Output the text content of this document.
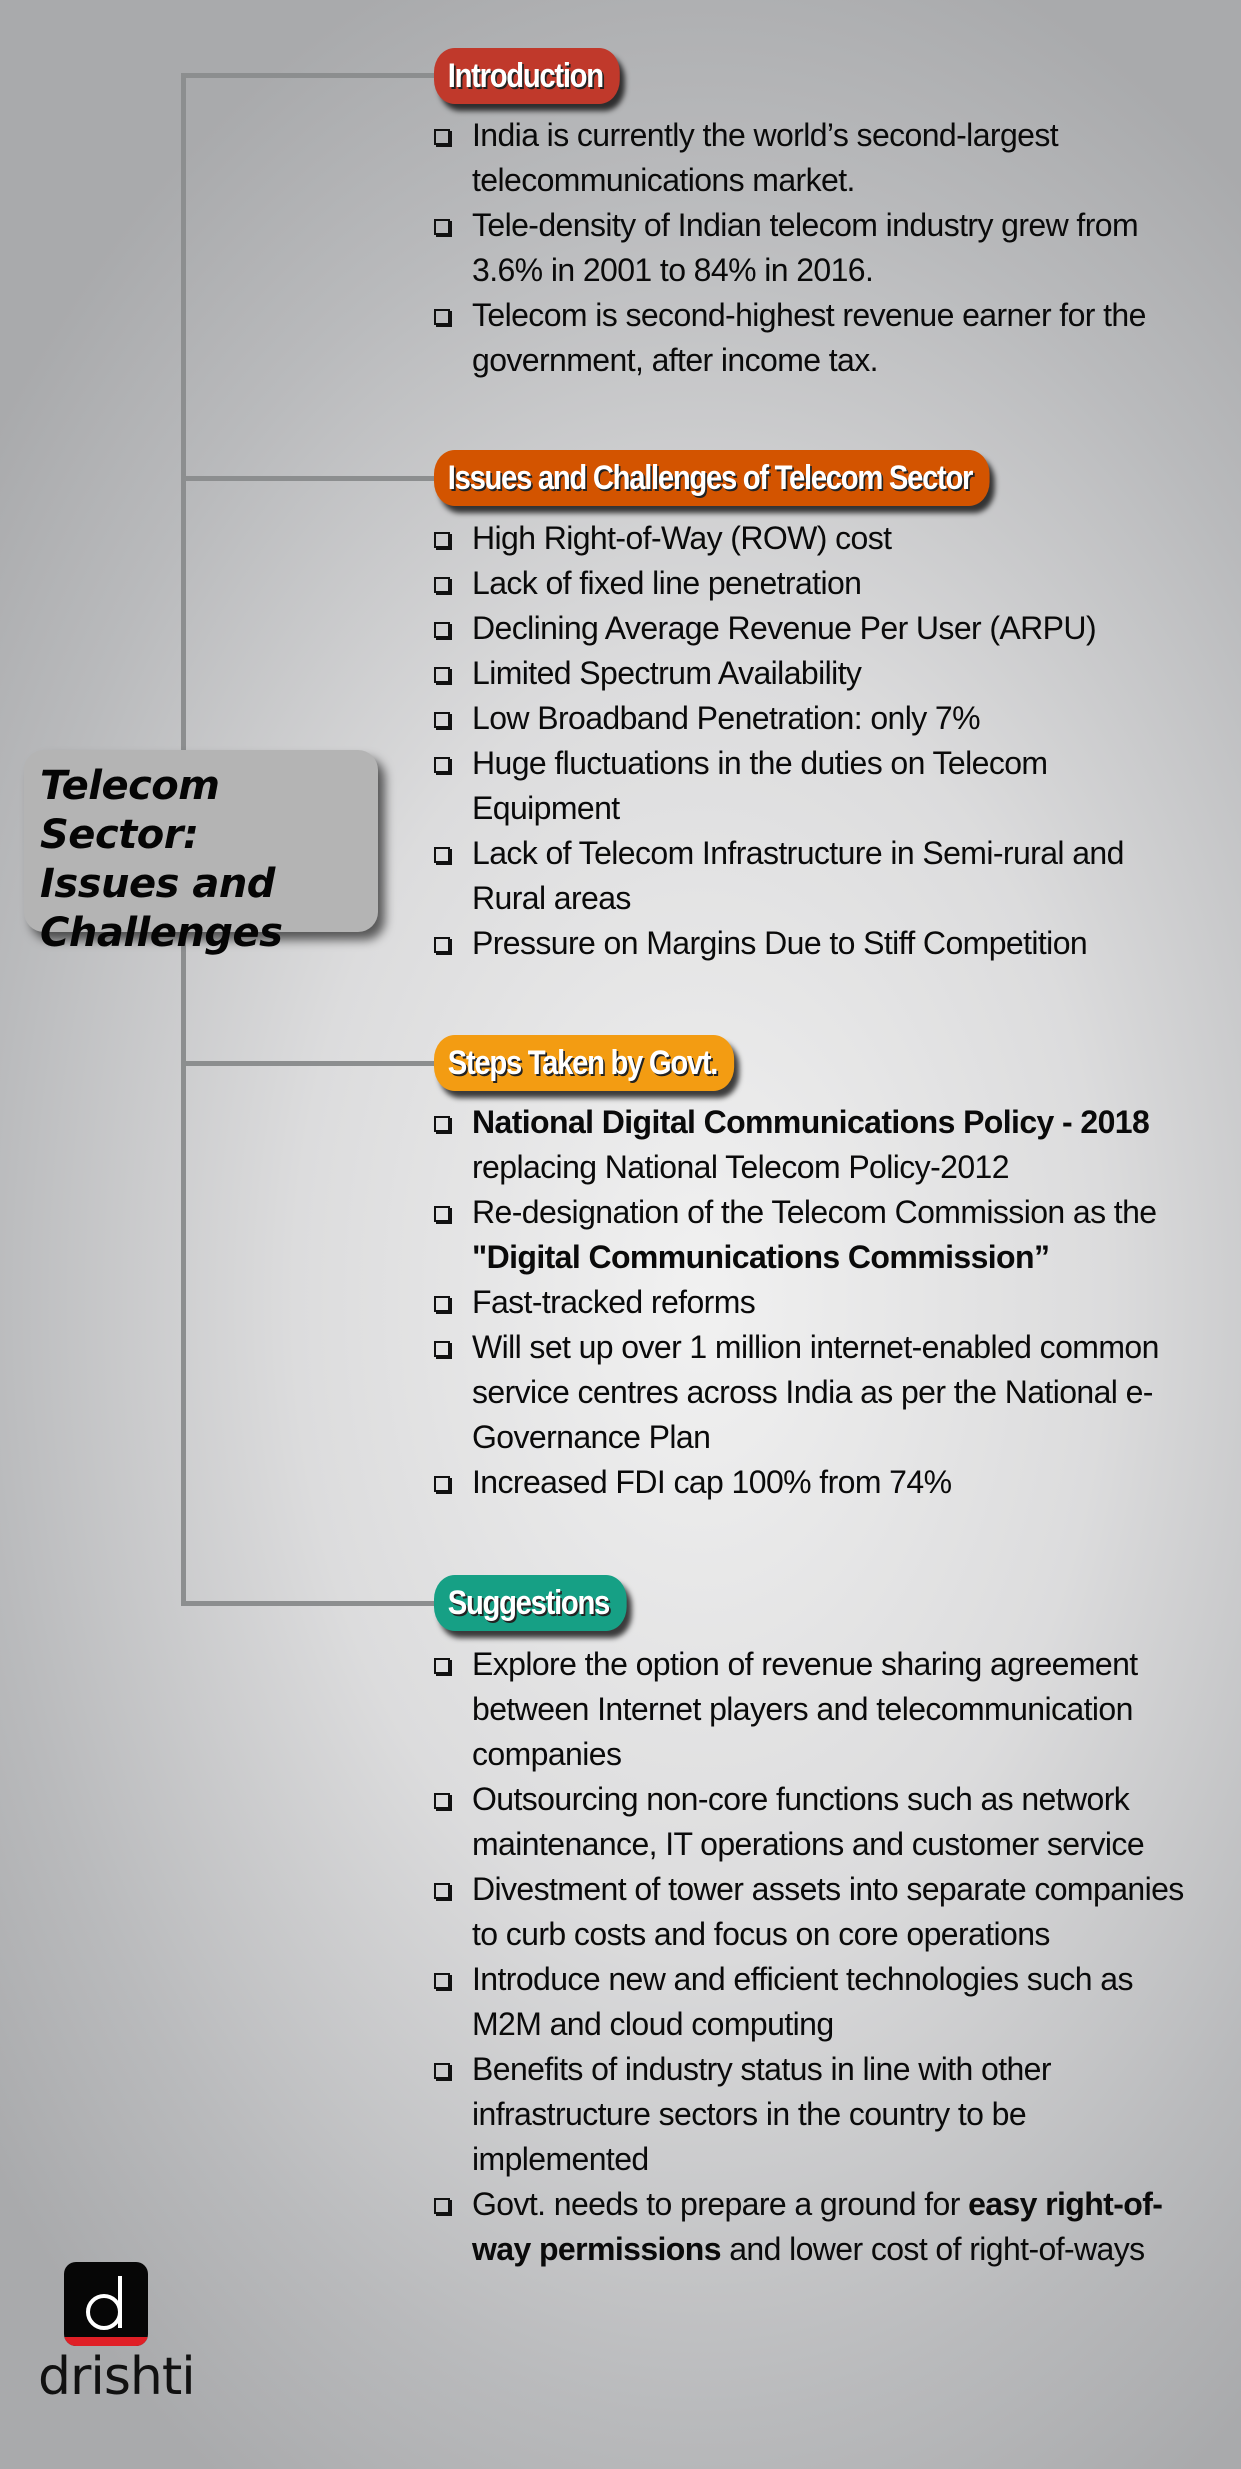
Telecom Sector:
Issues and
Challenges
Introduction
Issues and Challenges of Telecom Sector
Steps Taken by Govt.
Suggestions
India is currently the world’s second-largest telecommunications market.
Tele-density of Indian telecom industry grew from 3.6% in 2001 to 84% in 2016.
Telecom is second-highest revenue earner for the government, after income tax.
High Right-of-Way (ROW) cost
Lack of fixed line penetration
Declining Average Revenue Per User (ARPU)
Limited Spectrum Availability
Low Broadband Penetration: only 7%
Huge fluctuations in the duties on Telecom Equipment
Lack of Telecom Infrastructure in Semi-rural and Rural areas
Pressure on Margins Due to Stiff Competition
National Digital Communications Policy - 2018 replacing National Telecom Policy-2012
Re-designation of the Telecom Commission as the "Digital Communications Commission”
Fast-tracked reforms
Will set up over 1 million internet-enabled common service centres across India as per the National e-Governance Plan
Increased FDI cap 100% from 74%
Explore the option of revenue sharing agreement between Internet players and telecommunication companies
Outsourcing non-core functions such as network maintenance, IT operations and customer service
Divestment of tower assets into separate companies to curb costs and focus on core operations
Introduce new and efficient technologies such as M2M and cloud computing
Benefits of industry status in line with other infrastructure sectors in the country to be implemented
Govt. needs to prepare a ground for easy right-of-way permissions and lower cost of right-of-ways
drishti
